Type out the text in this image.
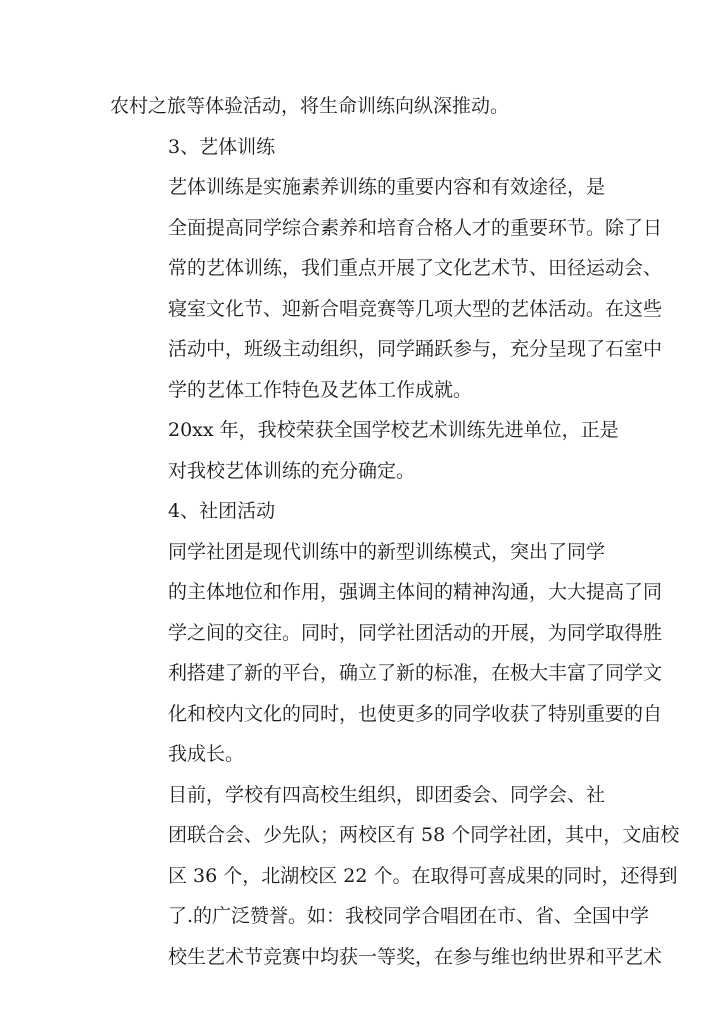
农村之旅等体验活动，将生命训练向纵深推动。
3、艺体训练
艺体训练是实施素养训练的重要内容和有效途径，是
全面提高同学综合素养和培育合格人才的重要环节。除了日
常的艺体训练，我们重点开展了文化艺术节、田径运动会、
寝室文化节、迎新合唱竞赛等几项大型的艺体活动。在这些
活动中，班级主动组织，同学踊跃参与，充分呈现了石室中
学的艺体工作特色及艺体工作成就。
20xx 年，我校荣获全国学校艺术训练先进单位，正是
对我校艺体训练的充分确定。
4、社团活动
同学社团是现代训练中的新型训练模式，突出了同学
的主体地位和作用，强调主体间的精神沟通，大大提高了同
学之间的交往。同时，同学社团活动的开展，为同学取得胜
利搭建了新的平台，确立了新的标准，在极大丰富了同学文
化和校内文化的同时，也使更多的同学收获了特别重要的自
我成长。
目前，学校有四高校生组织，即团委会、同学会、社
团联合会、少先队；两校区有 58 个同学社团，其中，文庙校
区 36 个，北湖校区 22 个。在取得可喜成果的同时，还得到
了.的广泛赞誉。如：我校同学合唱团在市、省、全国中学
校生艺术节竞赛中均获一等奖，在参与维也纳世界和平艺术
